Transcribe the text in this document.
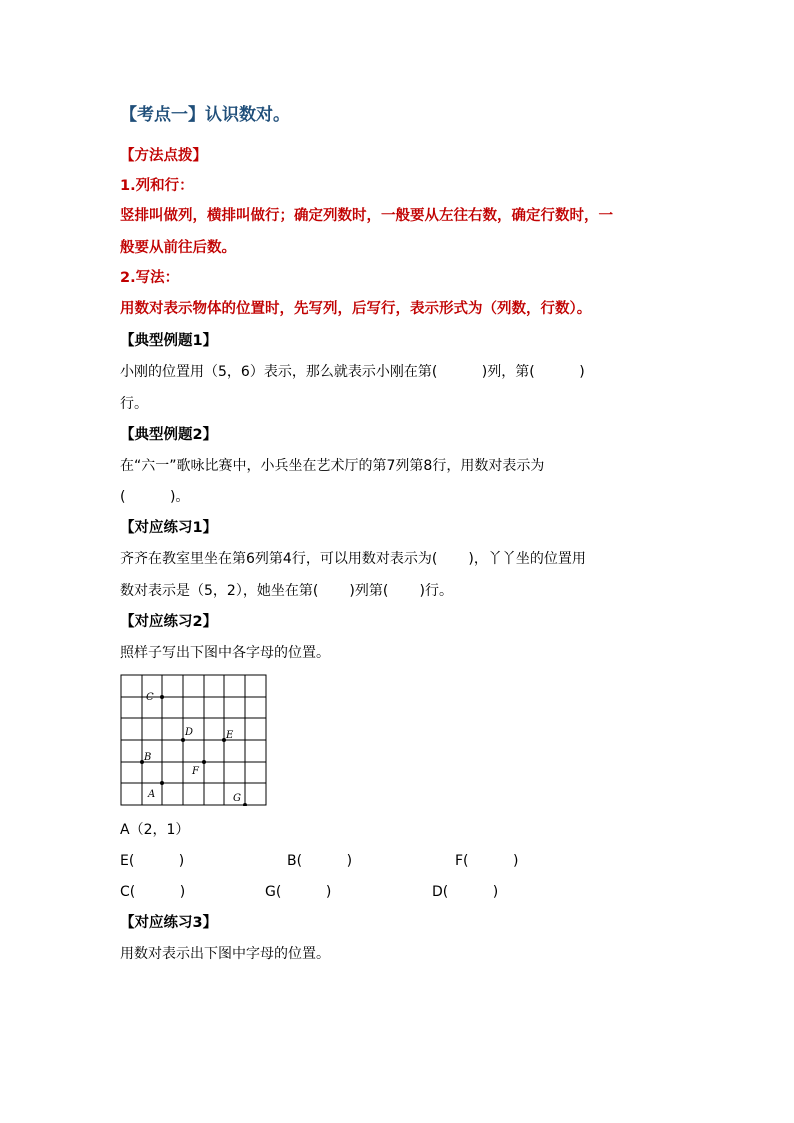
【考点一】认识数对。
【方法点拨】
1.列和行：
竖排叫做列，横排叫做行；确定列数时，一般要从左往右数，确定行数时，一
般要从前往后数。
2.写法：
用数对表示物体的位置时，先写列，后写行，表示形式为（列数，行数）。
【典型例题1】
小刚的位置用（5，6）表示，那么就表示小刚在第(          )列，第(          )
行。
【典型例题2】
在“六一”歌咏比赛中，小兵坐在艺术厅的第7列第8行，用数对表示为
(          )。
【对应练习1】
齐齐在教室里坐在第6列第4行，可以用数对表示为(       )，丫丫坐的位置用
数对表示是（5，2），她坐在第(       )列第(       )行。
【对应练习2】
照样子写出下图中各字母的位置。
C
D	E
B
F
A	G
A（2，1）
E(          )	B(          )	F(          )
C(          )	G(          )	D(          )
【对应练习3】
用数对表示出下图中字母的位置。
